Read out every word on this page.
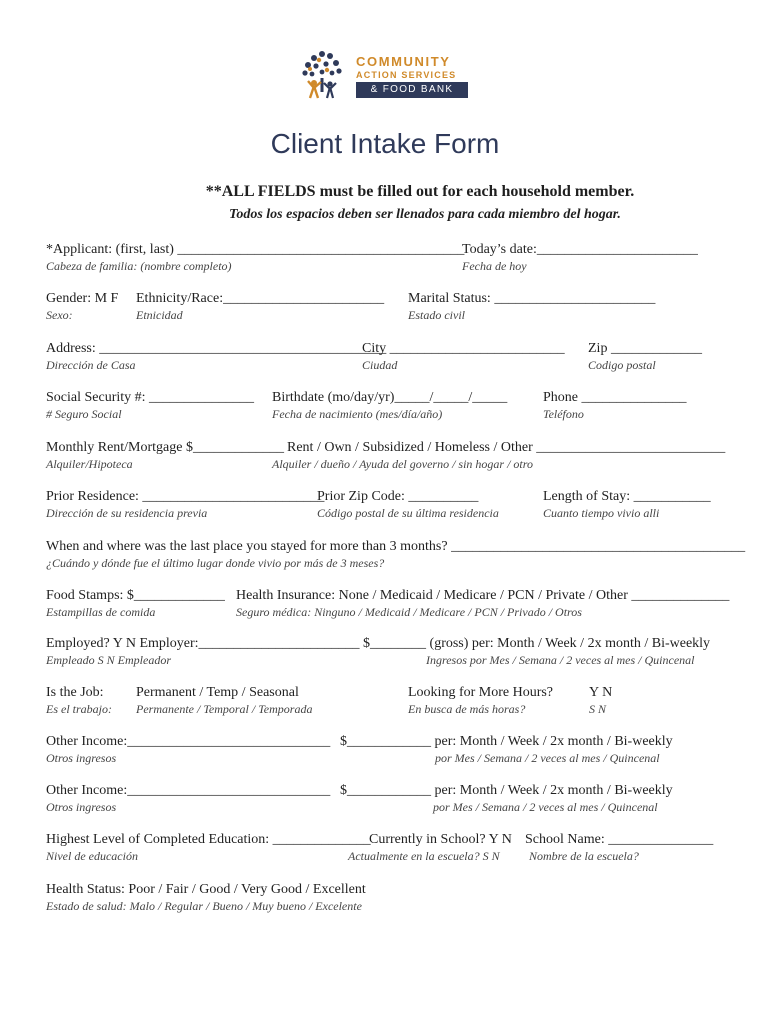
COMMUNITY
ACTION SERVICES
& FOOD BANK
Client Intake Form
**ALL FIELDS must be filled out for each household member.
Todos los espacios deben ser llenados para cada miembro del hogar.
*Applicant: (first, last) _________________________________________
Cabeza de familia: (nombre completo)
Today’s date:_______________________
Fecha de hoy
Gender: M F
Sexo:
Ethnicity/Race:_______________________
Etnicidad
Marital Status: _______________________
Estado civil
Address: _________________________________________
Dirección de Casa
City _________________________
Ciudad
Zip _____________
Codigo postal
Social Security #: _______________
# Seguro Social
Birthdate (mo/day/yr)_____/_____/_____
Fecha de nacimiento (mes/día/año)
Phone _______________
Teléfono
Monthly Rent/Mortgage $_____________
Alquiler/Hipoteca
Rent / Own / Subsidized / Homeless / Other ___________________________
Alquiler / dueño / Ayuda del governo / sin hogar / otro
Prior Residence: __________________________
Dirección de su residencia previa
Prior Zip Code: __________
Código postal de su última residencia
Length of Stay: ___________
Cuanto tiempo vivio alli
When and where was the last place you stayed for more than 3 months? __________________________________________
¿Cuándo y dónde fue el último lugar donde vivio por más de 3 meses?
Food Stamps: $_____________
Estampillas de comida
Health Insurance: None / Medicaid / Medicare / PCN / Private / Other ______________
Seguro médica: Ninguno / Medicaid / Medicare / PCN / Privado / Otros
Employed? Y N Employer:_______________________ $________ (gross) per: Month / Week / 2x month / Bi-weekly
Empleado S N Empleador	Ingresos por Mes / Semana / 2 veces al mes / Quincenal
Is the Job:
Es el trabajo:
Permanent / Temp / Seasonal
Permanente / Temporal / Temporada
Looking for More Hours?
En busca de más horas?
Y N
S N
Other Income:_____________________________
Otros ingresos
$____________ per: Month / Week / 2x month / Bi-weekly
por Mes / Semana / 2 veces al mes / Quincenal
Other Income:_____________________________
Otros ingresos
$____________ per: Month / Week / 2x month / Bi-weekly
por Mes / Semana / 2 veces al mes / Quincenal
Highest Level of Completed Education: ______________
Nivel de educación
Currently in School? Y N
Actualmente en la escuela? S N
School Name: _______________
Nombre de la escuela?
Health Status: Poor / Fair / Good / Very Good / Excellent
Estado de salud: Malo / Regular / Bueno / Muy bueno / Excelente
